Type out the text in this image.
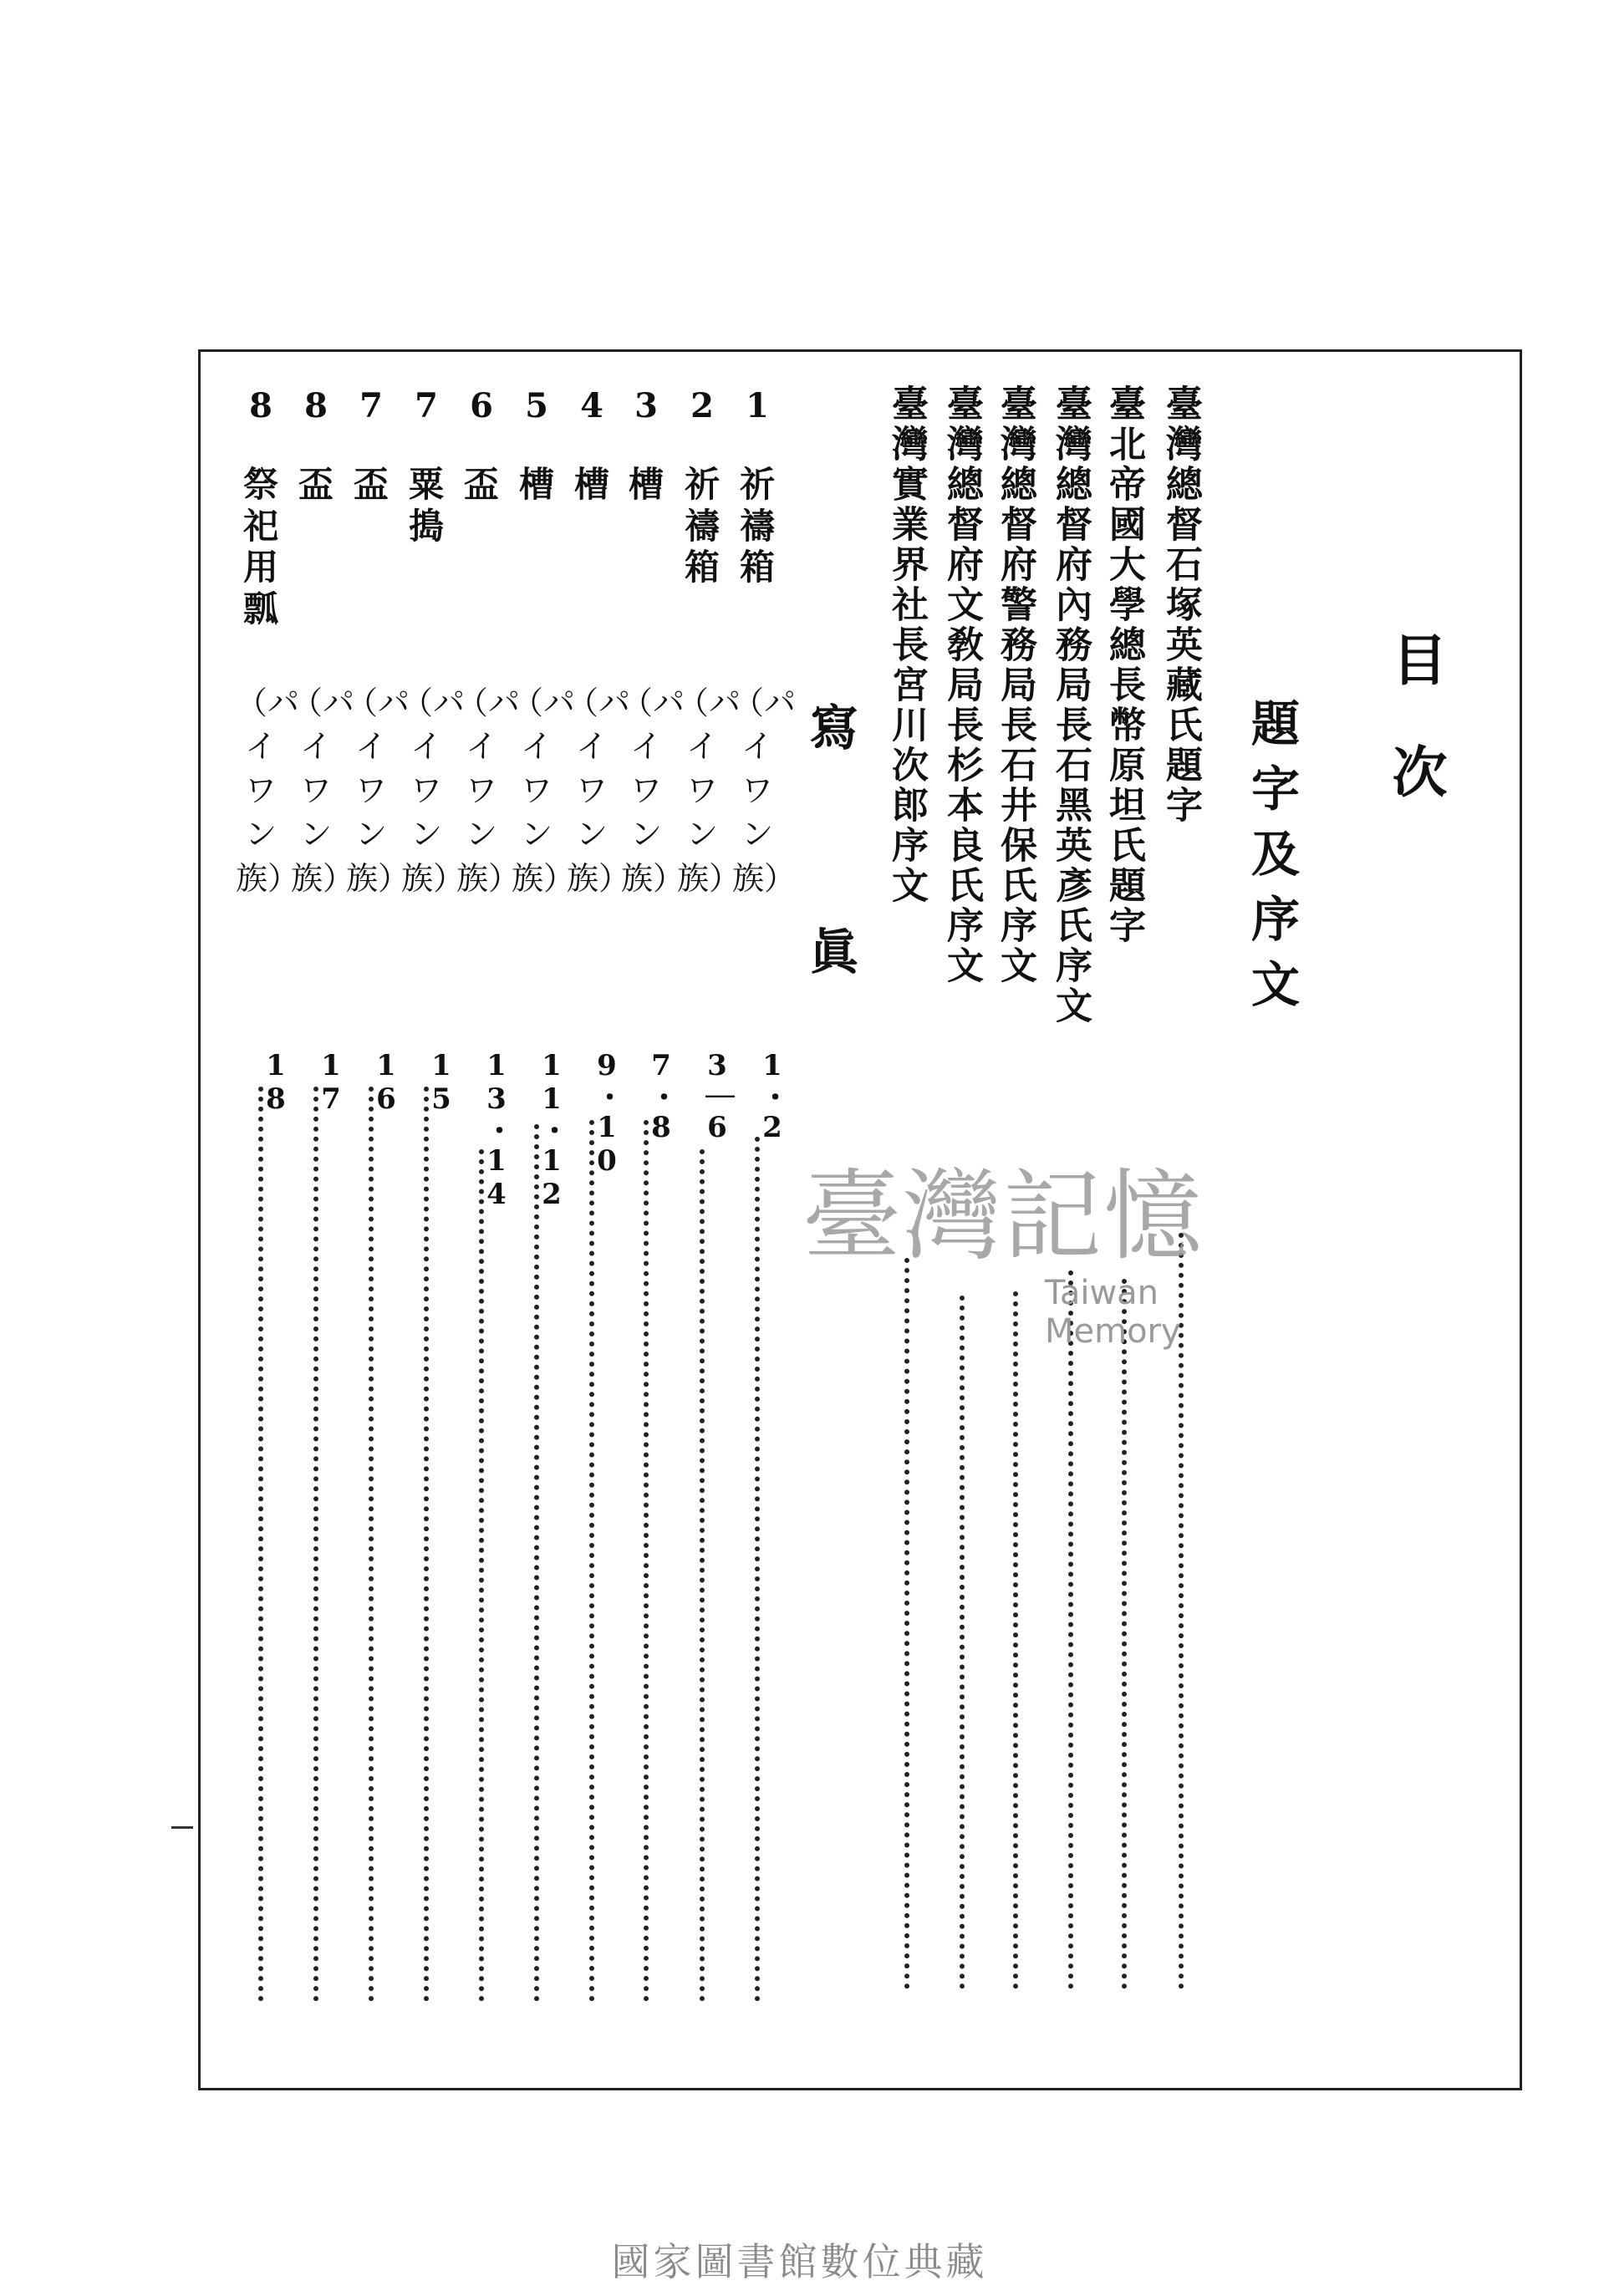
目次
題字及序文
臺灣總督石塚英藏氏題字
臺北帝國大學總長幣原坦氏題字
臺灣總督府內務局長石黑英彥氏序文
臺灣總督府警務局長石井保氏序文
臺灣總督府文敎局長杉本良氏序文
臺灣實業界社長宮川次郎序文
寫眞
1
祈禱箱
（パイワン族）
1・2
2
祈禱箱
（パイワン族）
3｜6
3
槽
（パイワン族）
7・8
4
槽
（パイワン族）
9・10
5
槽
（パイワン族）
11・12
6
盃
（パイワン族）
13・14
7
粟搗
（パイワン族）
15
7
盃
（パイワン族）
16
8
盃
（パイワン族）
17
8
祭祀用瓢
（パイワン族）
18
臺灣記憶
Taiwan Memory
國家圖書館數位典藏
